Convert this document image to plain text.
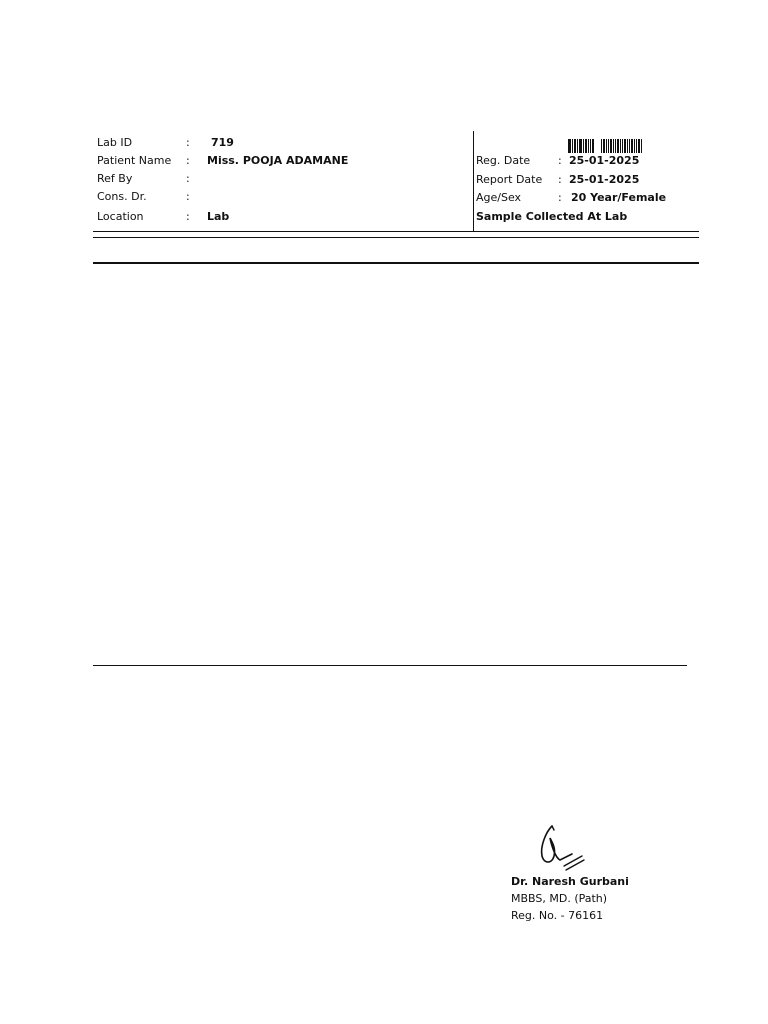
Lab ID	: 719
Patient Name : Miss. POOJA ADAMANE
Ref By	:
Cons. Dr.	:
Location	: Lab
Reg. Date	: 25-01-2025
Report Date : 25-01-2025
Age/Sex	: 20 Year/Female
Sample Collected At Lab
Dr. Naresh Gurbani
MBBS, MD. (Path)
Reg. No. - 76161
